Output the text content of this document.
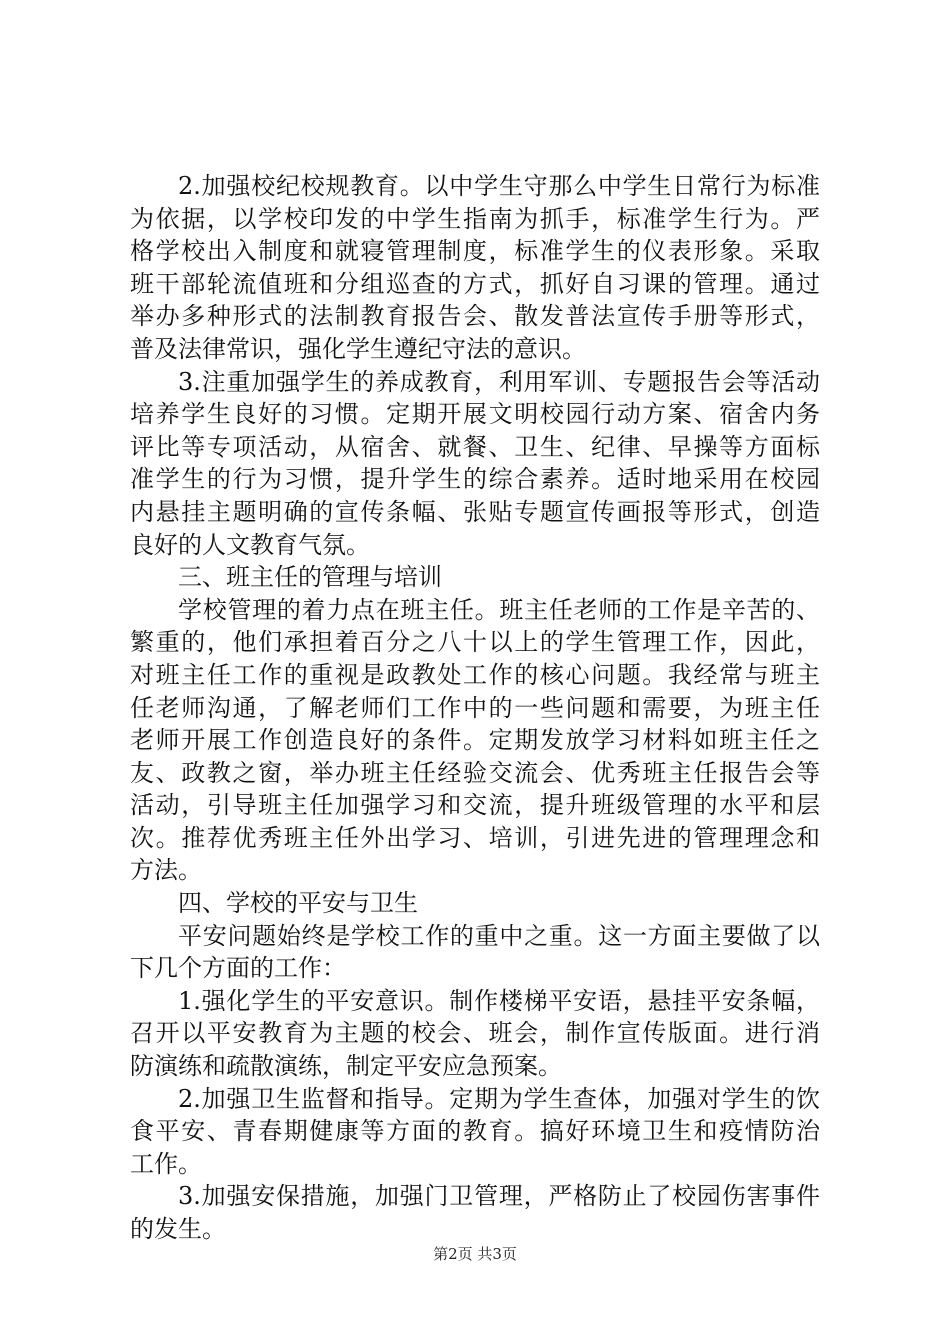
2.加强校纪校规教育。以中学生守那么中学生日常行为标准
为依据，以学校印发的中学生指南为抓手，标准学生行为。严
格学校出入制度和就寝管理制度，标准学生的仪表形象。采取
班干部轮流值班和分组巡查的方式，抓好自习课的管理。通过
举办多种形式的法制教育报告会、散发普法宣传手册等形式，
普及法律常识，强化学生遵纪守法的意识。
3.注重加强学生的养成教育，利用军训、专题报告会等活动
培养学生良好的习惯。定期开展文明校园行动方案、宿舍内务
评比等专项活动，从宿舍、就餐、卫生、纪律、早操等方面标
准学生的行为习惯，提升学生的综合素养。适时地采用在校园
内悬挂主题明确的宣传条幅、张贴专题宣传画报等形式，创造
良好的人文教育气氛。
三、班主任的管理与培训
学校管理的着力点在班主任。班主任老师的工作是辛苦的、
繁重的，他们承担着百分之八十以上的学生管理工作，因此，
对班主任工作的重视是政教处工作的核心问题。我经常与班主
任老师沟通，了解老师们工作中的一些问题和需要，为班主任
老师开展工作创造良好的条件。定期发放学习材料如班主任之
友、政教之窗，举办班主任经验交流会、优秀班主任报告会等
活动，引导班主任加强学习和交流，提升班级管理的水平和层
次。推荐优秀班主任外出学习、培训，引进先进的管理理念和
方法。
四、学校的平安与卫生
平安问题始终是学校工作的重中之重。这一方面主要做了以
下几个方面的工作：
1.强化学生的平安意识。制作楼梯平安语，悬挂平安条幅，
召开以平安教育为主题的校会、班会，制作宣传版面。进行消
防演练和疏散演练，制定平安应急预案。
2.加强卫生监督和指导。定期为学生查体，加强对学生的饮
食平安、青春期健康等方面的教育。搞好环境卫生和疫情防治
工作。
3.加强安保措施，加强门卫管理，严格防止了校园伤害事件
的发生。
第2页 共3页
